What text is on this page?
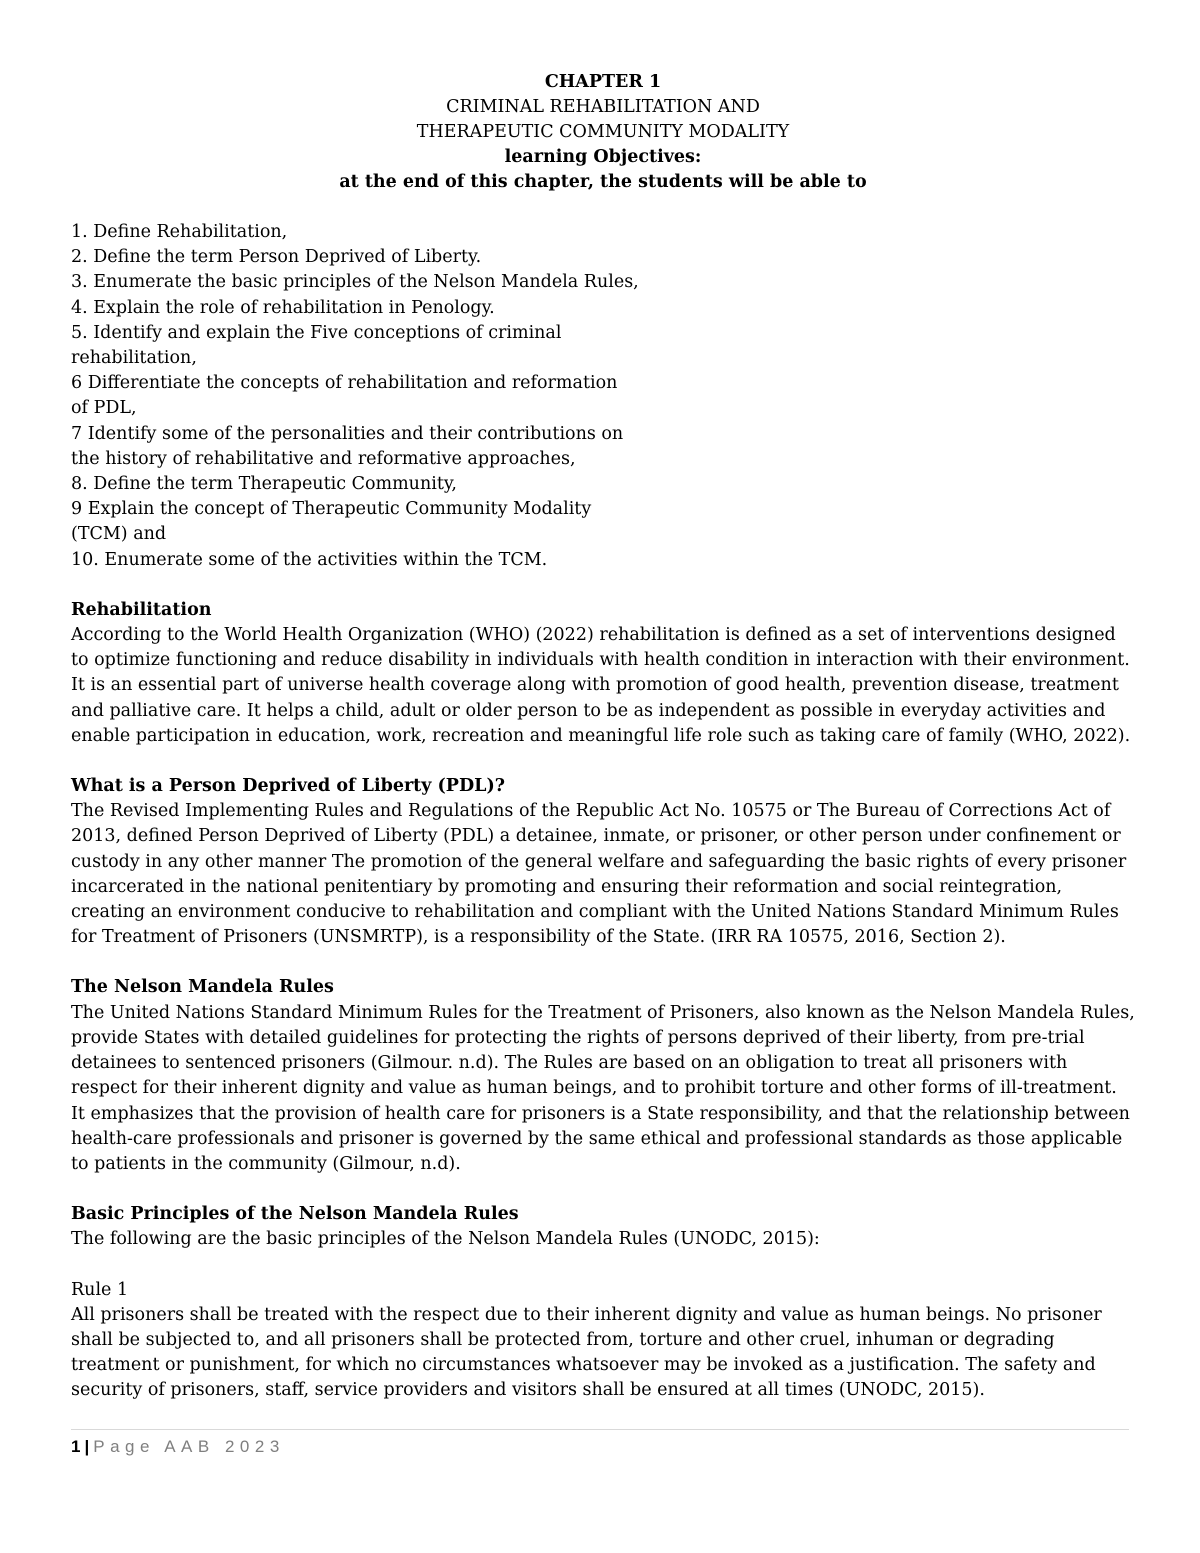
CHAPTER 1
CRIMINAL REHABILITATION AND
THERAPEUTIC COMMUNITY MODALITY
learning Objectives:
at the end of this chapter, the students will be able to
1. Define Rehabilitation,
2. Define the term Person Deprived of Liberty.
3. Enumerate the basic principles of the Nelson Mandela Rules,
4. Explain the role of rehabilitation in Penology.
5. Identify and explain the Five conceptions of criminal
rehabilitation,
6 Differentiate the concepts of rehabilitation and reformation
of PDL,
7 Identify some of the personalities and their contributions on
the history of rehabilitative and reformative approaches,
8. Define the term Therapeutic Community,
9 Explain the concept of Therapeutic Community Modality
(TCM) and
10. Enumerate some of the activities within the TCM.
Rehabilitation
According to the World Health Organization (WHO) (2022) rehabilitation is defined as a set of interventions designed to optimize functioning and reduce disability in individuals with health condition in interaction with their environment. It is an essential part of universe health coverage along with promotion of good health, prevention disease, treatment and palliative care. It helps a child, adult or older person to be as independent as possible in everyday activities and enable participation in education, work, recreation and meaningful life role such as taking care of family (WHO, 2022).
What is a Person Deprived of Liberty (PDL)?
The Revised Implementing Rules and Regulations of the Republic Act No. 10575 or The Bureau of Corrections Act of 2013, defined Person Deprived of Liberty (PDL) a detainee, inmate, or prisoner, or other person under confinement or custody in any other manner The promotion of the general welfare and safeguarding the basic rights of every prisoner incarcerated in the national penitentiary by promoting and ensuring their reformation and social reintegration, creating an environment conducive to rehabilitation and compliant with the United Nations Standard Minimum Rules for Treatment of Prisoners (UNSMRTP), is a responsibility of the State. (IRR RA 10575, 2016, Section 2).
The Nelson Mandela Rules
The United Nations Standard Minimum Rules for the Treatment of Prisoners, also known as the Nelson Mandela Rules, provide States with detailed guidelines for protecting the rights of persons deprived of their liberty, from pre-trial detainees to sentenced prisoners (Gilmour. n.d). The Rules are based on an obligation to treat all prisoners with respect for their inherent dignity and value as human beings, and to prohibit torture and other forms of ill-treatment. It emphasizes that the provision of health care for prisoners is a State responsibility, and that the relationship between health-care professionals and prisoner is governed by the same ethical and professional standards as those applicable to patients in the community (Gilmour, n.d).
Basic Principles of the Nelson Mandela Rules
The following are the basic principles of the Nelson Mandela Rules (UNODC, 2015):
Rule 1
All prisoners shall be treated with the respect due to their inherent dignity and value as human beings. No prisoner shall be subjected to, and all prisoners shall be protected from, torture and other cruel, inhuman or degrading treatment or punishment, for which no circumstances whatsoever may be invoked as a justification. The safety and security of prisoners, staff, service providers and visitors shall be ensured at all times (UNODC, 2015).
1 | Page AAB 2023
